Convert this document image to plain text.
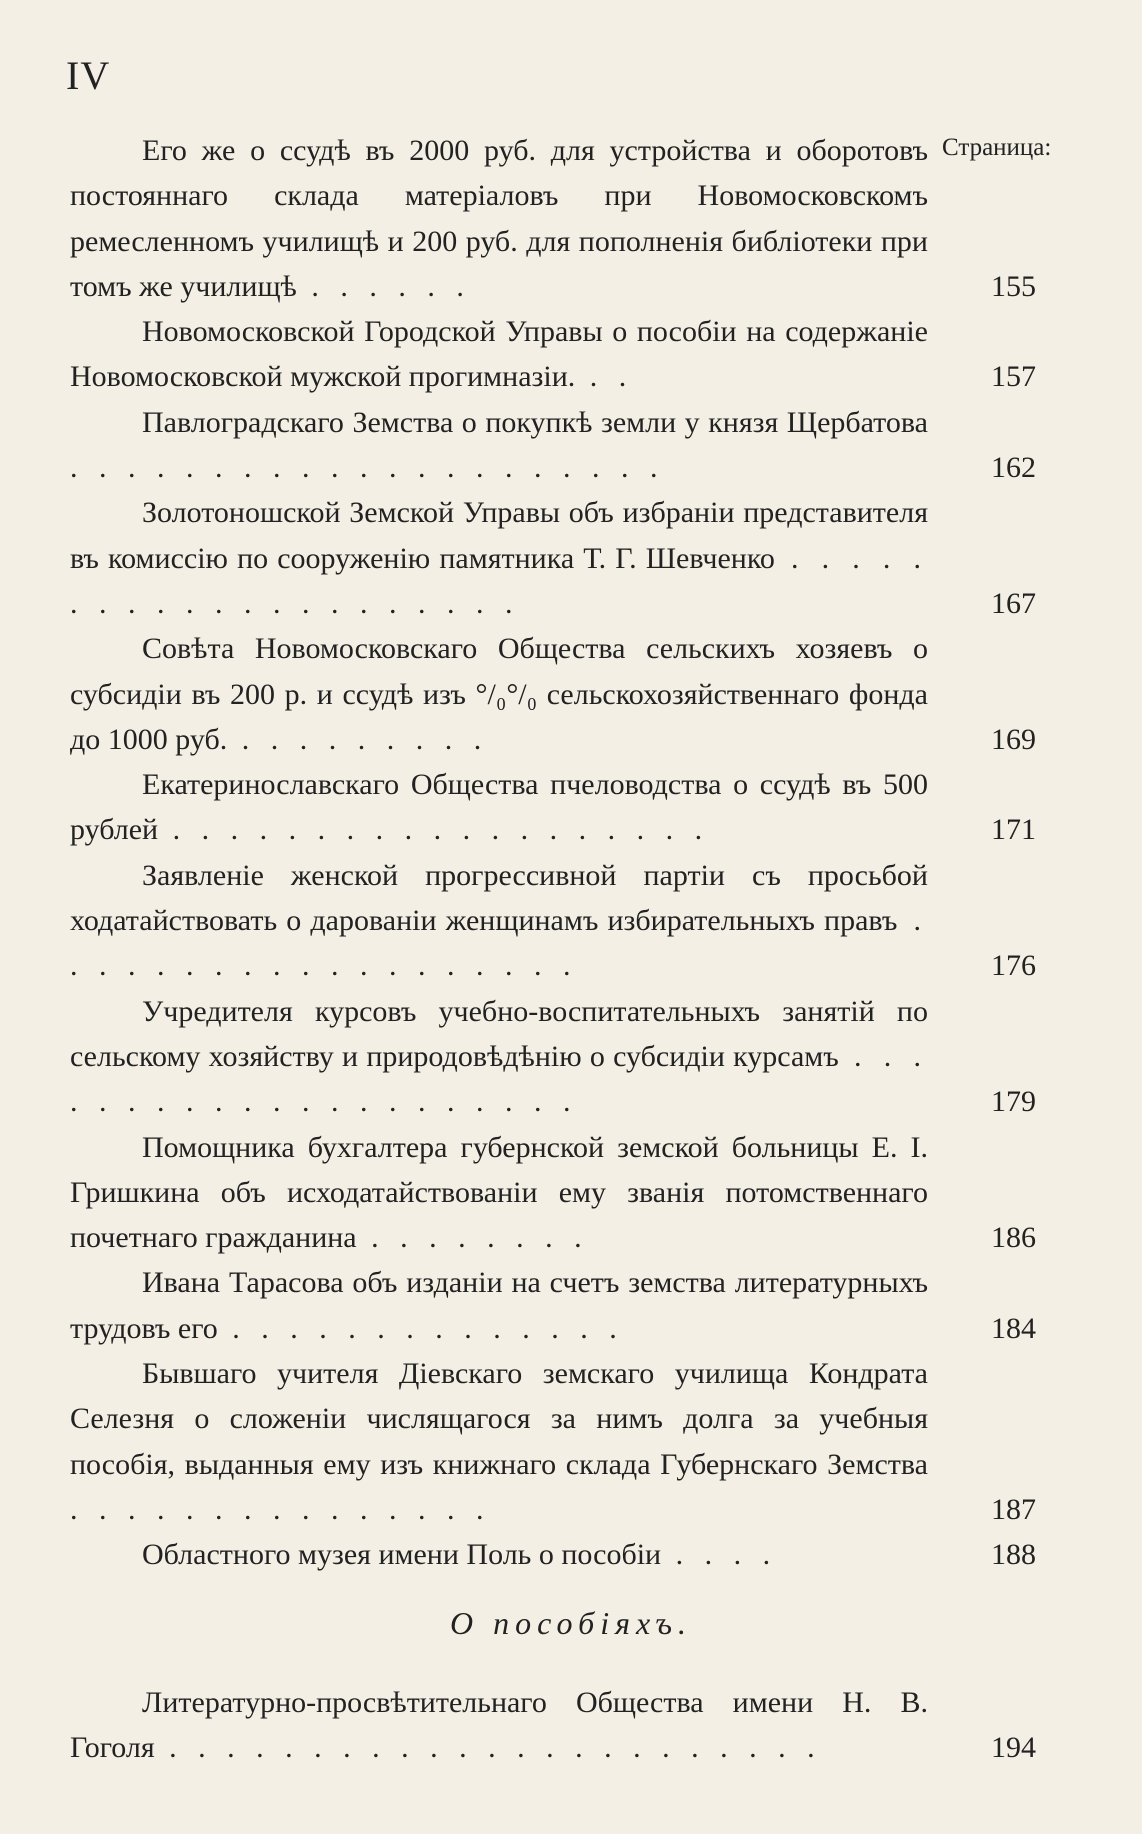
IV
Страница:

Его же о ссудѣ въ 2000 руб. для устройства и оборотовъ постояннаго склада матеріаловъ при Новомосковскомъ ремесленномъ училищѣ и 200 руб. для пополненія библіотеки при томъ же училищѣ . . . . . .	155

Новомосковской Городской Управы о пособіи на содержаніе Новомосковской мужской прогимназіи. . .	157

Павлоградскаго Земства о покупкѣ земли у князя Щербатова . . . . . . . . . . . . . . . . . . . . .	162

Золотоношской Земской Управы объ избраніи представителя въ комиссію по сооруженію памятника Т. Г. Шевченко . . . . . . . . . . . . . . . . . . . . .	167

Совѣта Новомосковскаго Общества сельскихъ хозяевъ о субсидіи въ 200 р. и ссудѣ изъ °/₀°/₀ сельскохозяйственнаго фонда до 1000 руб. . . . . . . . . .	169

Екатеринославскаго Общества пчеловодства о ссудѣ въ 500 рублей . . . . . . . . . . . . . . . . . . .	171

Заявленіе женской прогрессивной партіи съ просьбой ходатайствовать о дарованіи женщинамъ избирательныхъ правъ . . . . . . . . . . . . . . . . . . .	176

Учредителя курсовъ учебно-воспитательныхъ занятій по сельскому хозяйству и природовѣдѣнію о субсидіи курсамъ . . . . . . . . . . . . . . . . . . . . .	179

Помощника бухгалтера губернской земской больницы Е. І. Гришкина объ исходатайствованіи ему званія потомственнаго почетнаго гражданина . . . . . . . .	186

Ивана Тарасова объ изданіи на счетъ земства литературныхъ трудовъ его . . . . . . . . . . . . . .	184

Бывшаго учителя Діевскаго земскаго училища Кондрата Селезня о сложеніи числящагося за нимъ долга за учебныя пособія, выданныя ему изъ книжнаго склада Губернскаго Земства . . . . . . . . . . . . . . .	187

Областного музея имени Поль о пособіи . . . .	188
О пособіяхъ.

Литературно-просвѣтительнаго Общества имени Н. В. Гоголя . . . . . . . . . . . . . . . . . . . . . . .	194
